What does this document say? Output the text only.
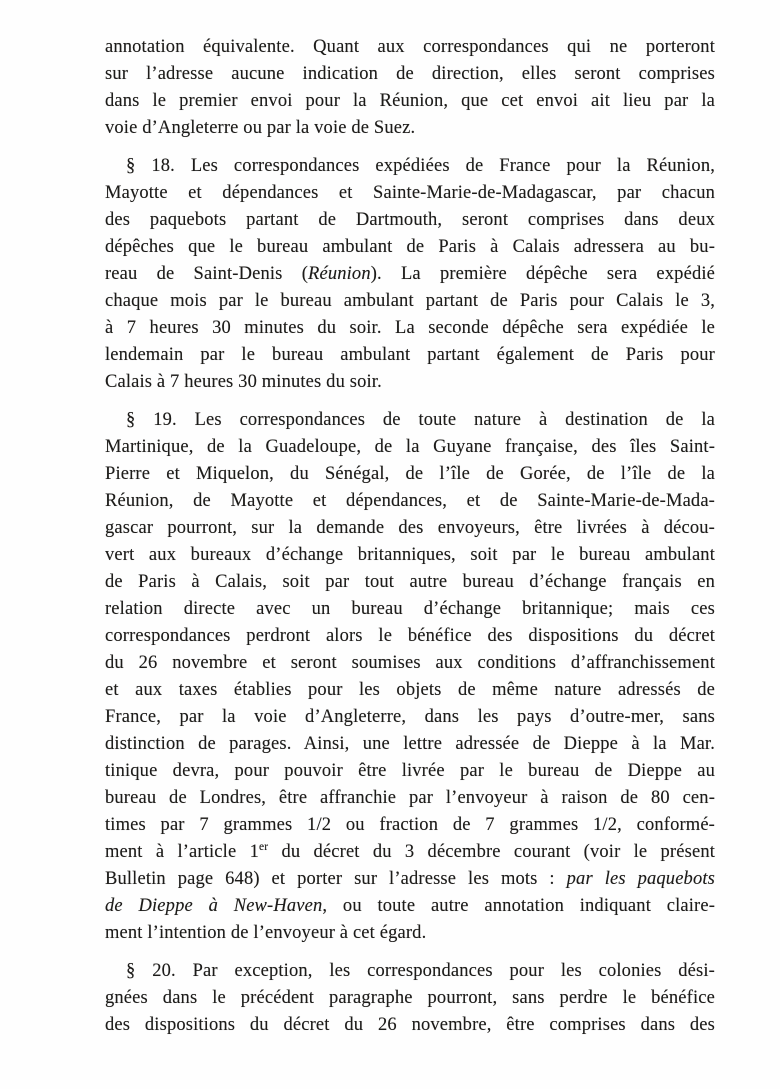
annotation équivalente. Quant aux correspondances qui ne porteront
sur l’adresse aucune indication de direction, elles seront comprises
dans le premier envoi pour la Réunion, que cet envoi ait lieu par la
voie d’Angleterre ou par la voie de Suez.
§ 18. Les correspondances expédiées de France pour la Réunion,
Mayotte et dépendances et Sainte-Marie-de-Madagascar, par chacun
des paquebots partant de Dartmouth, seront comprises dans deux
dépêches que le bureau ambulant de Paris à Calais adressera au bu-
reau de Saint-Denis (Réunion). La première dépêche sera expédié
chaque mois par le bureau ambulant partant de Paris pour Calais le 3,
à 7 heures 30 minutes du soir. La seconde dépêche sera expédiée le
lendemain par le bureau ambulant partant également de Paris pour
Calais à 7 heures 30 minutes du soir.
§ 19. Les correspondances de toute nature à destination de la
Martinique, de la Guadeloupe, de la Guyane française, des îles Saint-
Pierre et Miquelon, du Sénégal, de l’île de Gorée, de l’île de la
Réunion, de Mayotte et dépendances, et de Sainte-Marie-de-Mada-
gascar pourront, sur la demande des envoyeurs, être livrées à décou-
vert aux bureaux d’échange britanniques, soit par le bureau ambulant
de Paris à Calais, soit par tout autre bureau d’échange français en
relation directe avec un bureau d’échange britannique; mais ces
correspondances perdront alors le bénéfice des dispositions du décret
du 26 novembre et seront soumises aux conditions d’affranchissement
et aux taxes établies pour les objets de même nature adressés de
France, par la voie d’Angleterre, dans les pays d’outre-mer, sans
distinction de parages. Ainsi, une lettre adressée de Dieppe à la Mar.
tinique devra, pour pouvoir être livrée par le bureau de Dieppe au
bureau de Londres, être affranchie par l’envoyeur à raison de 80 cen-
times par 7 grammes 1/2 ou fraction de 7 grammes 1/2, conformé-
ment à l’article 1er du décret du 3 décembre courant (voir le présent
Bulletin page 648) et porter sur l’adresse les mots : par les paquebots
de Dieppe à New-Haven, ou toute autre annotation indiquant claire-
ment l’intention de l’envoyeur à cet égard.
§ 20. Par exception, les correspondances pour les colonies dési-
gnées dans le précédent paragraphe pourront, sans perdre le bénéfice
des dispositions du décret du 26 novembre, être comprises dans des
